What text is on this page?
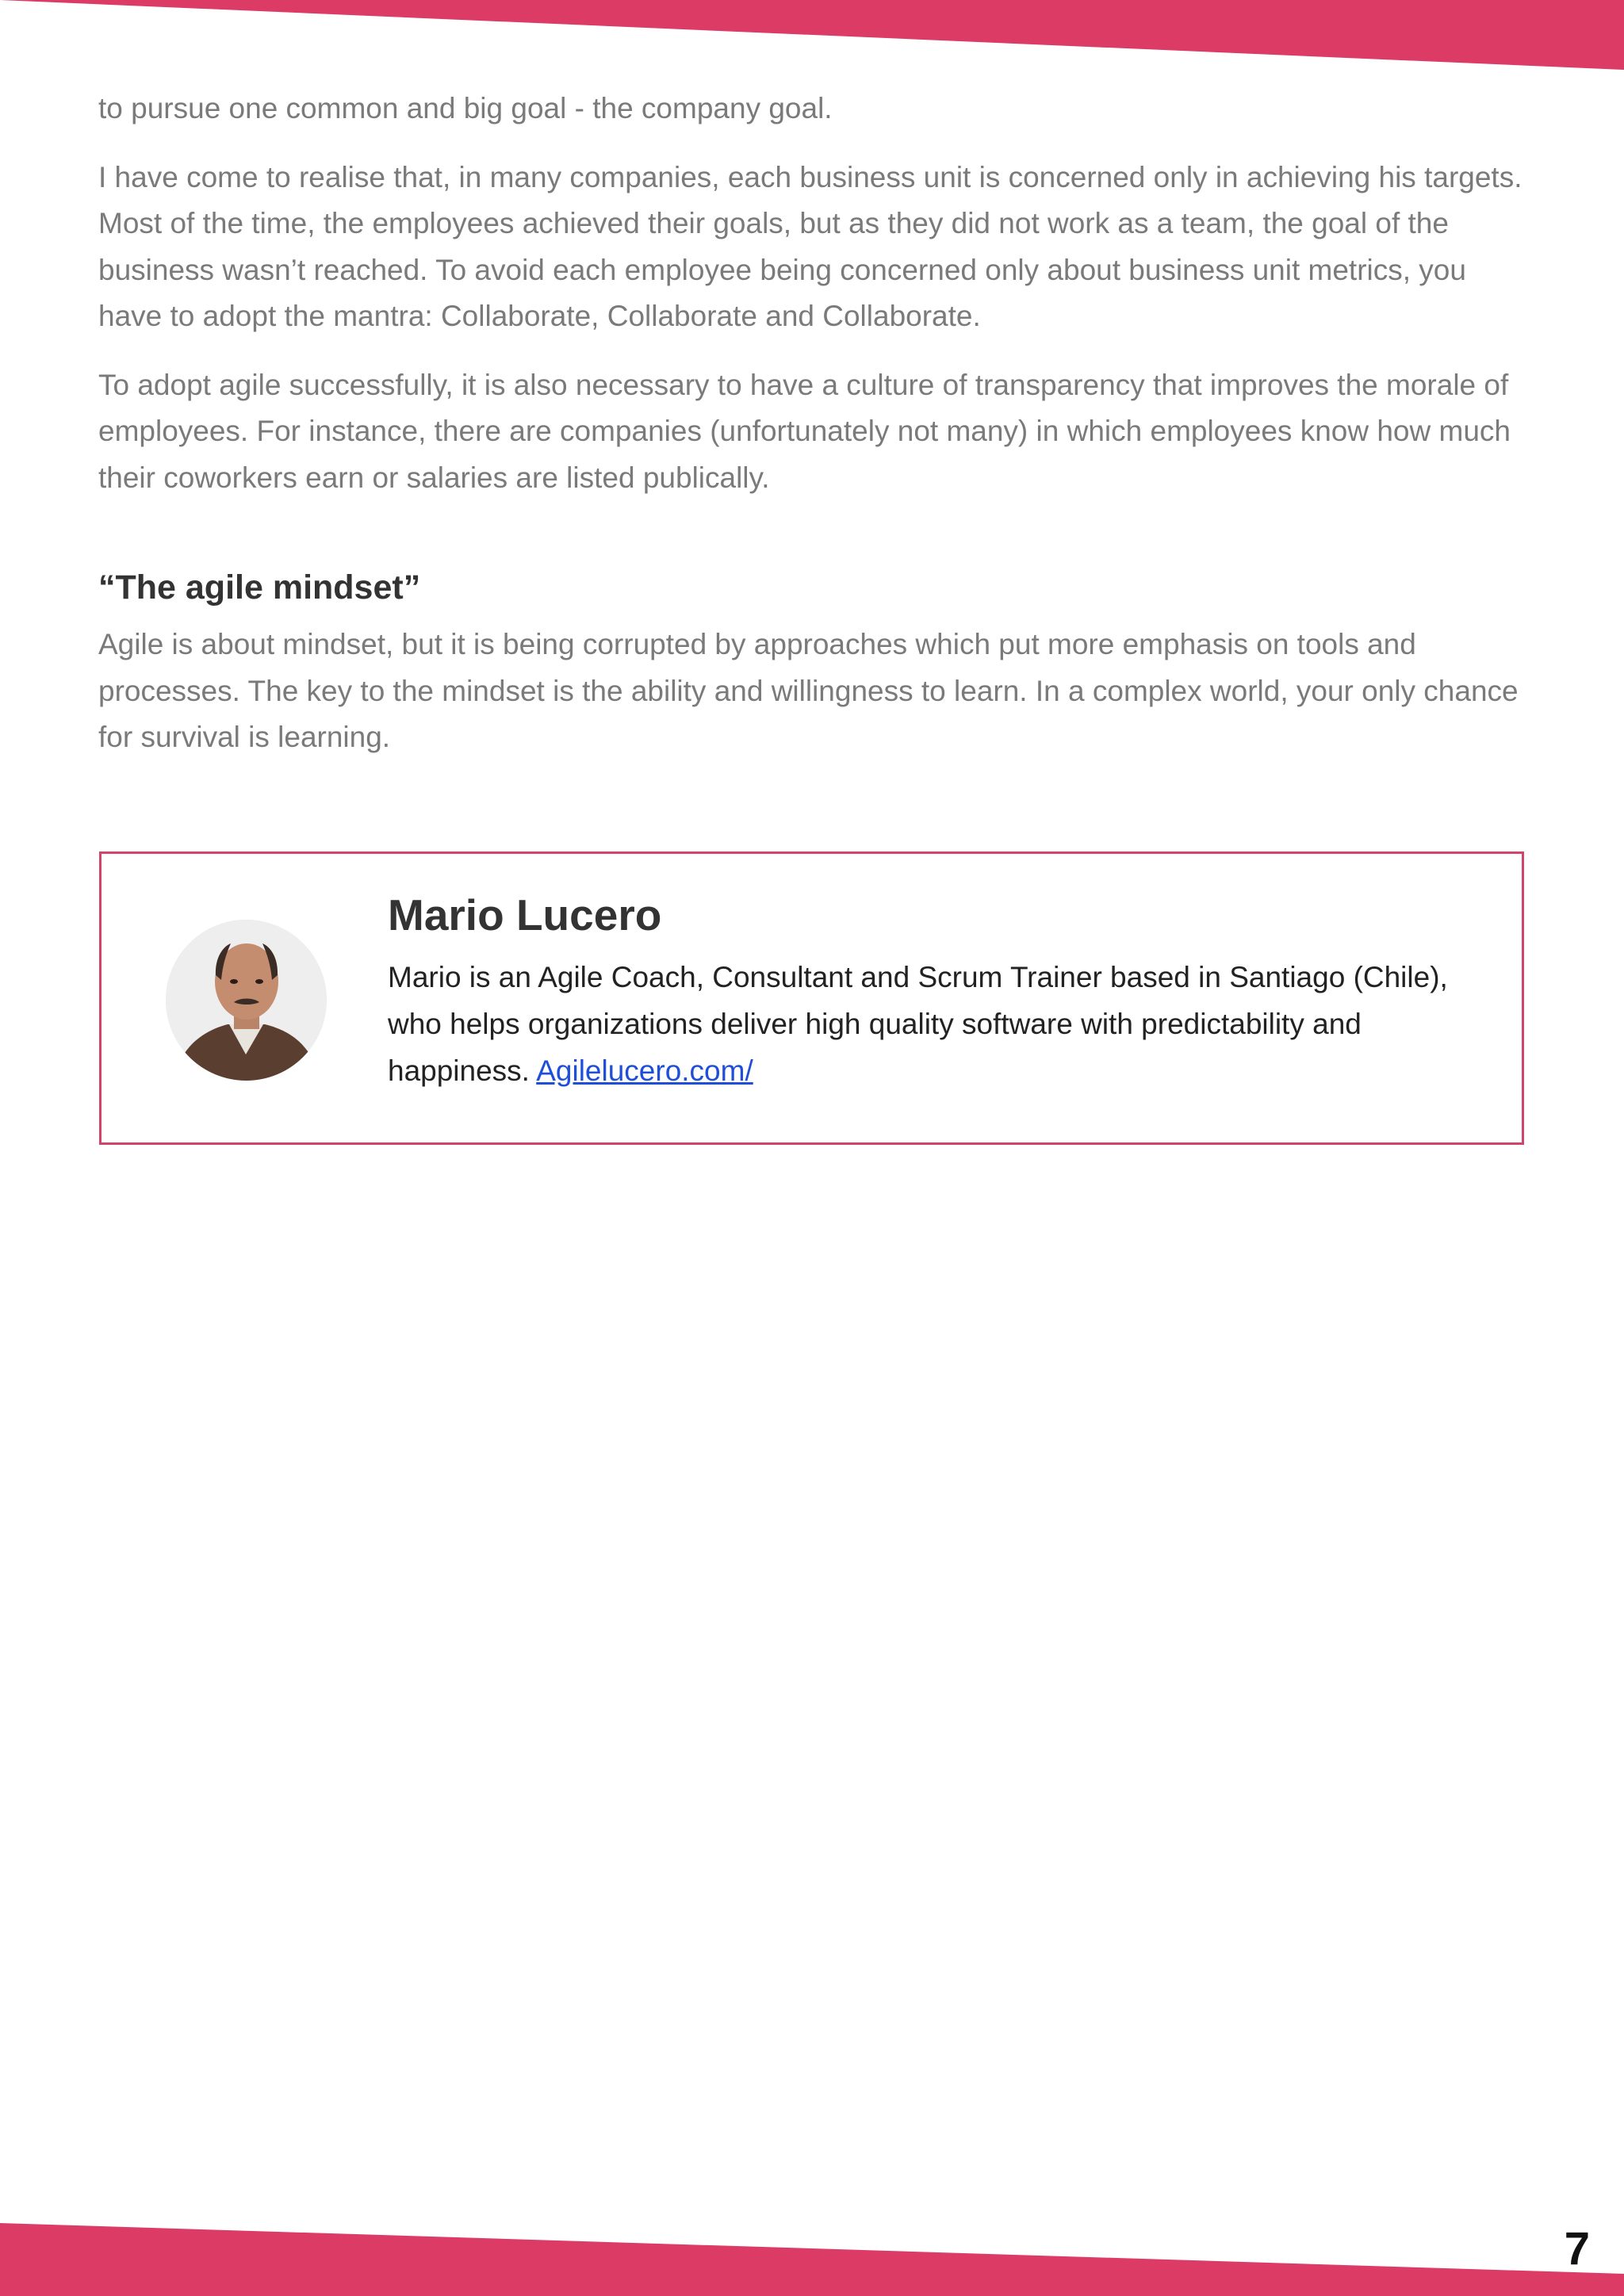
to pursue one common and big goal - the company goal.

I have come to realise that, in many companies, each business unit is concerned only in achieving his targets. Most of the time, the employees achieved their goals, but as they did not work as a team, the goal of the business wasn’t reached. To avoid each employee being concerned only about business unit metrics, you have to adopt the mantra: Collaborate, Collaborate and Collaborate.

To adopt agile successfully, it is also necessary to have a culture of transparency that improves the morale of employees. For instance, there are companies (unfortunately not many) in which employees know how much their coworkers earn or salaries are listed publically.

“The agile mindset”

Agile is about mindset, but it is being corrupted by approaches which put more emphasis on tools and processes. The key to the mindset is the ability and willingness to learn. In a complex world, your only chance for survival is learning.

Mario Lucero

Mario is an Agile Coach, Consultant and Scrum Trainer based in Santiago (Chile), who helps organizations deliver high quality software with predictability and happiness. Agilelucero.com/

7
